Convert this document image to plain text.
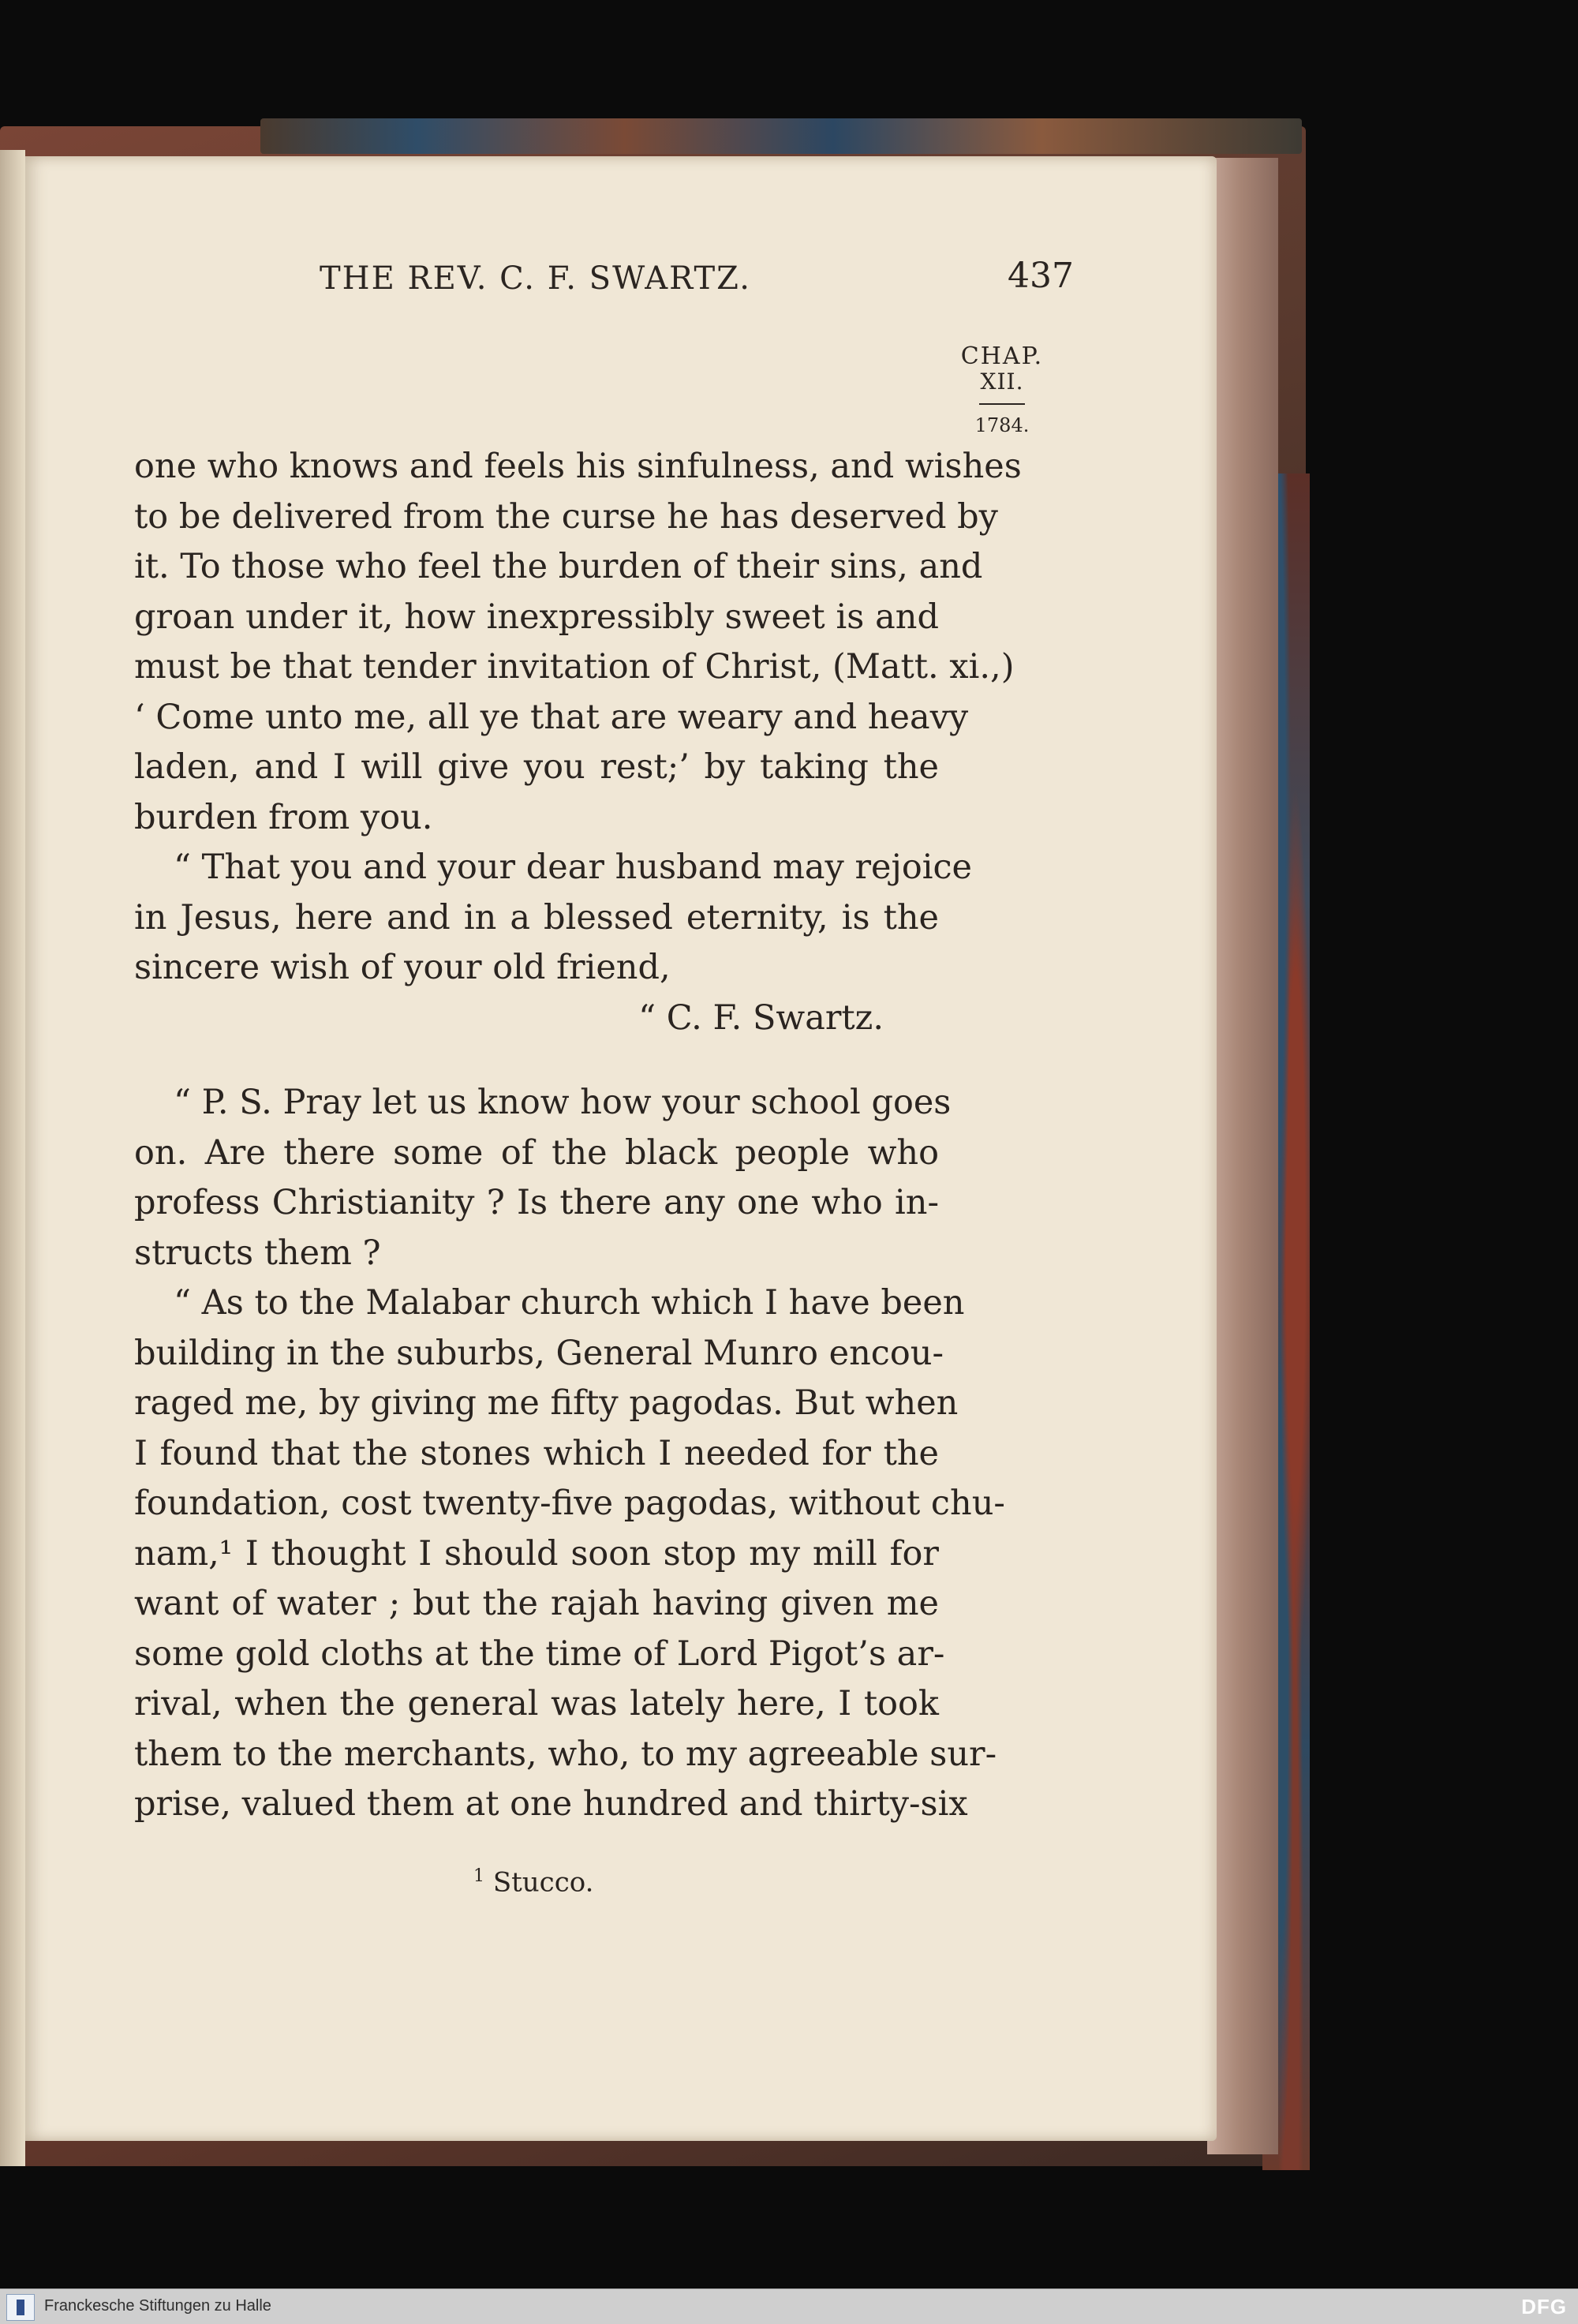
THE REV. C. F. SWARTZ.	437
CHAP.
XII.
1784.
one who knows and feels his sinfulness, and wishes
to be delivered from the curse he has deserved by
it. To those who feel the burden of their sins, and
groan under it, how inexpressibly sweet is and
must be that tender invitation of Christ, (Matt. xi.,)
‘ Come unto me, all ye that are weary and heavy
laden, and I will give you rest;’ by taking the
burden from you.
“ That you and your dear husband may rejoice
in Jesus, here and in a blessed eternity, is the
sincere wish of your old friend,
“ C. F. Swartz.
“ P. S. Pray let us know how your school goes
on. Are there some of the black people who
profess Christianity ? Is there any one who in-
structs them ?
“ As to the Malabar church which I have been
building in the suburbs, General Munro encou-
raged me, by giving me fifty pagodas. But when
I found that the stones which I needed for the
foundation, cost twenty-five pagodas, without chu-
nam,¹ I thought I should soon stop my mill for
want of water ; but the rajah having given me
some gold cloths at the time of Lord Pigot’s ar-
rival, when the general was lately here, I took
them to the merchants, who, to my agreeable sur-
prise, valued them at one hundred and thirty-six
$^1$ Stucco.
Franckesche Stiftungen zu Halle	DFG
